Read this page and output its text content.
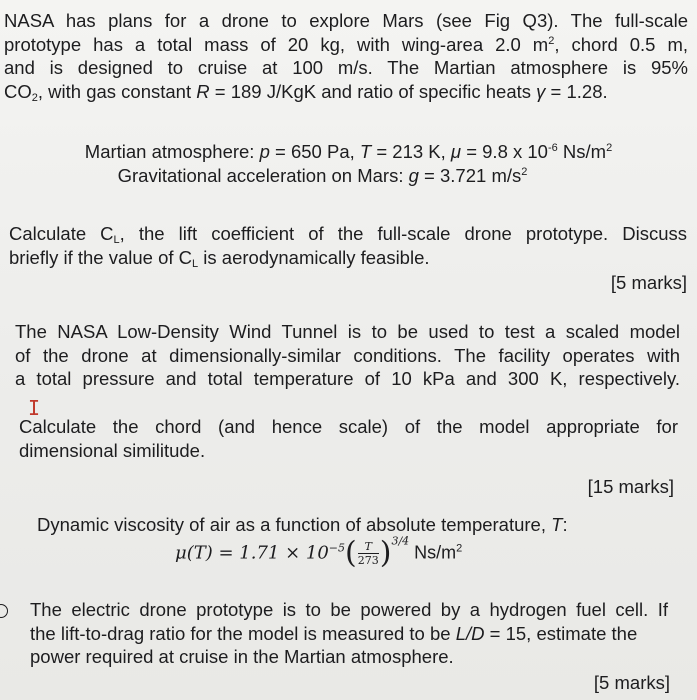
NASA has plans for a drone to explore Mars (see Fig Q3). The full-scale
prototype has a total mass of 20 kg, with wing-area 2.0 $m^2$, chord 0.5 m,
and is designed to cruise at 100 m/s. The Martian atmosphere is 95%
$CO_2$, with gas constant R = 189 J/KgK and ratio of specific heats γ = 1.28.
Martian atmosphere: p = 650 Pa, T = 213 K, μ = 9.8 x $10^{-6}$ $Ns/m^2$
Gravitational acceleration on Mars: g = 3.721 $m/s^2$
Calculate $C_L$, the lift coefficient of the full-scale drone prototype. Discuss
briefly if the value of $C_L$ is aerodynamically feasible.
[5 marks]
The NASA Low-Density Wind Tunnel is to be used to test a scaled model
of the drone at dimensionally-similar conditions. The facility operates with
a total pressure and total temperature of 10 kPa and 300 K, respectively.
Calculate the chord (and hence scale) of the model appropriate for
dimensional similitude.
[15 marks]
I
Dynamic viscosity of air as a function of absolute temperature, T:
$\mu(T) = 1.71 \times 10^{-5}( \frac{T}{273} )^{3/4}$ $Ns/m^2$
The electric drone prototype is to be powered by a hydrogen fuel cell. If
the lift-to-drag ratio for the model is measured to be L/D = 15, estimate the
power required at cruise in the Martian atmosphere.
[5 marks]
